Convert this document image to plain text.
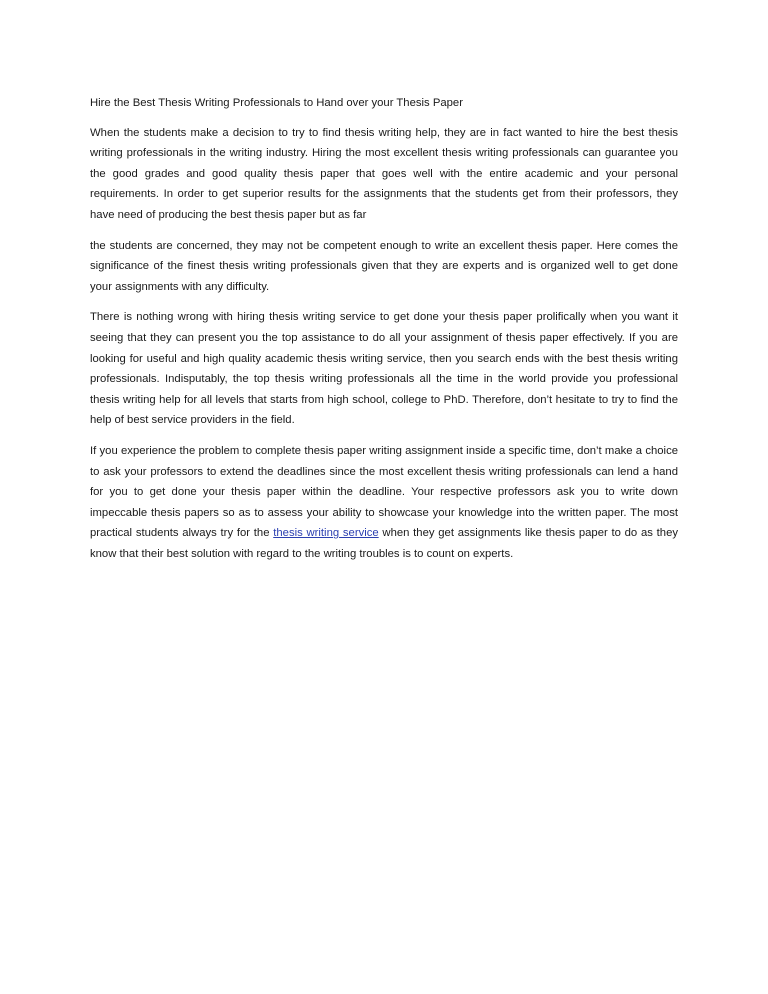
Hire the Best Thesis Writing Professionals to Hand over your Thesis Paper

When the students make a decision to try to find thesis writing help, they are in fact wanted to hire the best thesis writing professionals in the writing industry. Hiring the most excellent thesis writing professionals can guarantee you the good grades and good quality thesis paper that goes well with the entire academic and your personal requirements. In order to get superior results for the assignments that the students get from their professors, they have need of producing the best thesis paper but as far

the students are concerned, they may not be competent enough to write an excellent thesis paper. Here comes the significance of the finest thesis writing professionals given that they are experts and is organized well to get done your assignments with any difficulty.

There is nothing wrong with hiring thesis writing service to get done your thesis paper prolifically when you want it seeing that they can present you the top assistance to do all your assignment of thesis paper effectively. If you are looking for useful and high quality academic thesis writing service, then you search ends with the best thesis writing professionals. Indisputably, the top thesis writing professionals all the time in the world provide you professional thesis writing help for all levels that starts from high school, college to PhD. Therefore, don’t hesitate to try to find the help of best service providers in the field.

If you experience the problem to complete thesis paper writing assignment inside a specific time, don’t make a choice to ask your professors to extend the deadlines since the most excellent thesis writing professionals can lend a hand for you to get done your thesis paper within the deadline. Your respective professors ask you to write down impeccable thesis papers so as to assess your ability to showcase your knowledge into the written paper. The most practical students always try for the thesis writing service when they get assignments like thesis paper to do as they know that their best solution with regard to the writing troubles is to count on experts.
